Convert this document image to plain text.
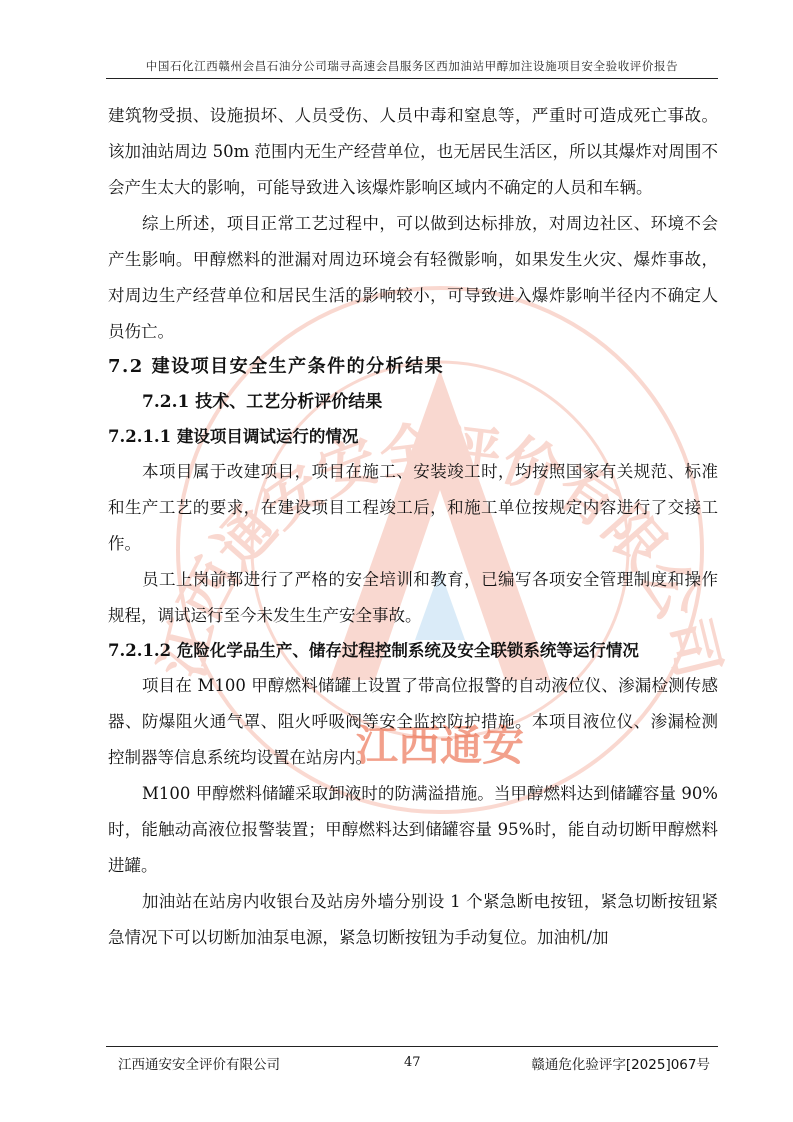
江西通安安全评价有限公司
江西通安
中国石化江西赣州会昌石油分公司瑞寻高速会昌服务区西加油站甲醇加注设施项目安全验收评价报告

建筑物受损、设施损坏、人员受伤、人员中毒和窒息等，严重时可造成死亡事故。该加油站周边 50m 范围内无生产经营单位，也无居民生活区，所以其爆炸对周围不会产生太大的影响，可能导致进入该爆炸影响区域内不确定的人员和车辆。

综上所述，项目正常工艺过程中，可以做到达标排放，对周边社区、环境不会产生影响。甲醇燃料的泄漏对周边环境会有轻微影响，如果发生火灾、爆炸事故，对周边生产经营单位和居民生活的影响较小，可导致进入爆炸影响半径内不确定人员伤亡。

7.2 建设项目安全生产条件的分析结果

7.2.1 技术、工艺分析评价结果

7.2.1.1 建设项目调试运行的情况

本项目属于改建项目，项目在施工、安装竣工时，均按照国家有关规范、标准和生产工艺的要求，在建设项目工程竣工后，和施工单位按规定内容进行了交接工作。

员工上岗前都进行了严格的安全培训和教育，已编写各项安全管理制度和操作规程，调试运行至今未发生生产安全事故。

7.2.1.2 危险化学品生产、储存过程控制系统及安全联锁系统等运行情况

项目在 M100 甲醇燃料储罐上设置了带高位报警的自动液位仪、渗漏检测传感器、防爆阻火通气罩、阻火呼吸阀等安全监控防护措施。本项目液位仪、渗漏检测控制器等信息系统均设置在站房内。

M100 甲醇燃料储罐采取卸液时的防满溢措施。当甲醇燃料达到储罐容量 90%时，能触动高液位报警装置；甲醇燃料达到储罐容量 95%时，能自动切断甲醇燃料进罐。

加油站在站房内收银台及站房外墙分别设 1 个紧急断电按钮，紧急切断按钮紧急情况下可以切断加油泵电源，紧急切断按钮为手动复位。加油机/加

江西通安安全评价有限公司	47	赣通危化验评字[2025]067号
